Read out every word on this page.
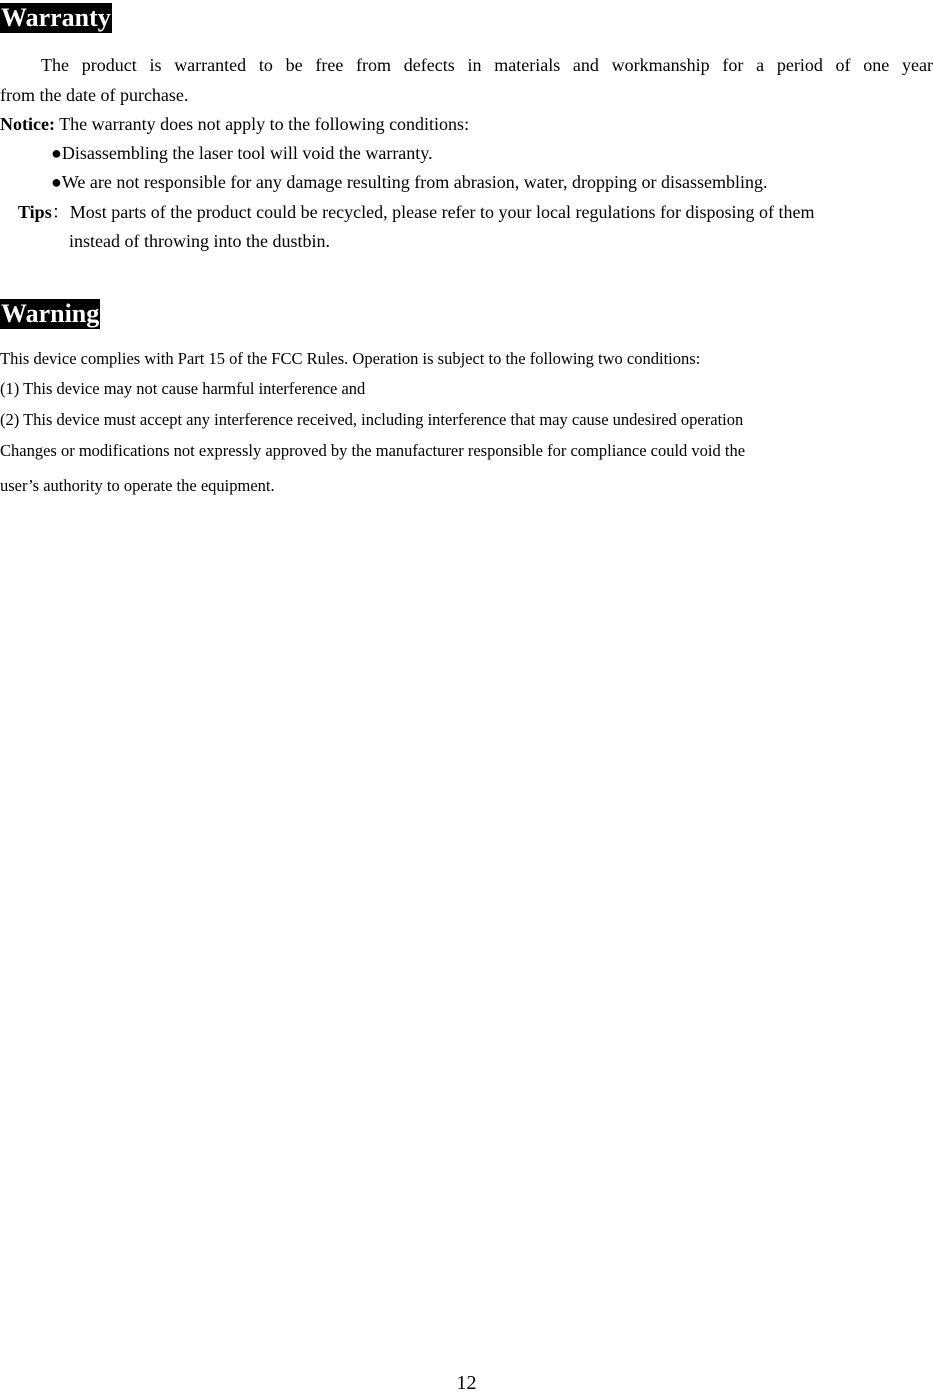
Warranty
The product is warranted to be free from defects in materials and workmanship for a period of one year
from the date of purchase.
Notice: The warranty does not apply to the following conditions:
●Disassembling the laser tool will void the warranty.
●We are not responsible for any damage resulting from abrasion, water, dropping or disassembling.
Tips：Most parts of the product could be recycled, please refer to your local regulations for disposing of them
instead of throwing into the dustbin.
Warning
This device complies with Part 15 of the FCC Rules. Operation is subject to the following two conditions:
(1) This device may not cause harmful interference and
(2) This device must accept any interference received, including interference that may cause undesired operation
Changes or modifications not expressly approved by the manufacturer responsible for compliance could void the
user’s authority to operate the equipment.
12
